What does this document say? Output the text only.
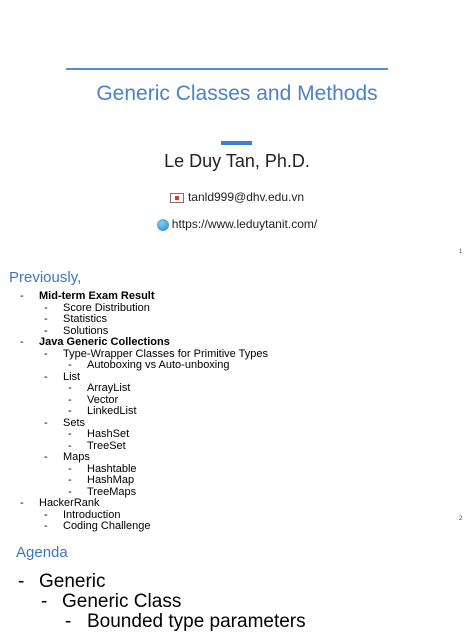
Generic Classes and Methods
Le Duy Tan, Ph.D.
tanld999@dhv.edu.vn
https://www.leduytanit.com/
1
Previously,
- Mid-term Exam Result
- Score Distribution
- Statistics
- Solutions
- Java Generic Collections
- Type-Wrapper Classes for Primitive Types
- Autoboxing vs Auto-unboxing
- List
- ArrayList
- Vector
- LinkedList
- Sets
- HashSet
- TreeSet
- Maps
- Hashtable
- HashMap
- TreeMaps
- HackerRank
- Introduction
- Coding Challenge
2
Agenda
- Generic
- Generic Class
- Bounded type parameters
